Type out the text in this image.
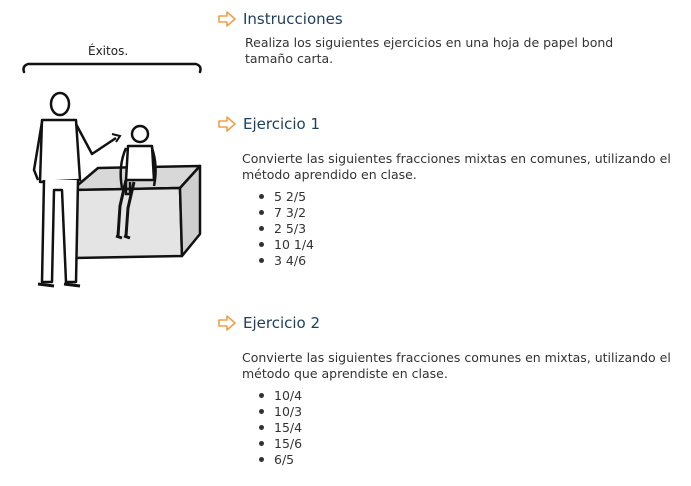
Éxitos.
Instrucciones
Realiza los siguientes ejercicios en una hoja de papel bond tamaño carta.
Ejercicio 1
Convierte las siguientes fracciones mixtas en comunes, utilizando el método aprendido en clase.
5 2/5
7 3/2
2 5/3
10 1/4
3 4/6
Ejercicio 2
Convierte las siguientes fracciones comunes en mixtas, utilizando el método que aprendiste en clase.
10/4
10/3
15/4
15/6
6/5
